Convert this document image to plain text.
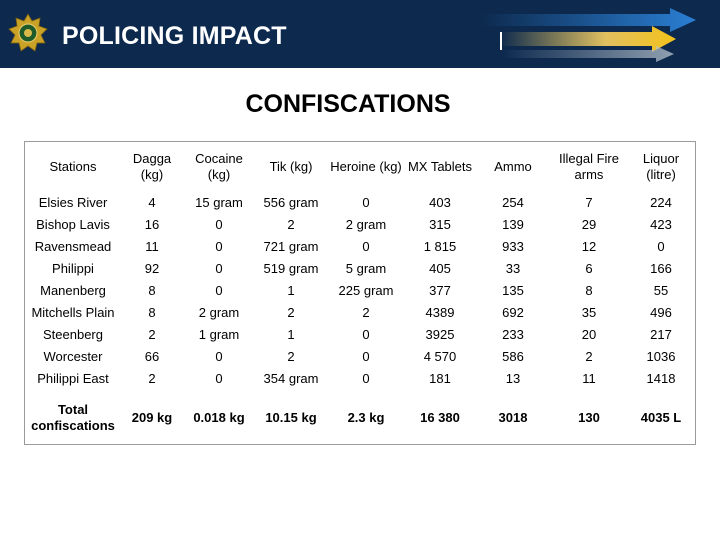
POLICING IMPACT
CONFISCATIONS
Stations	Dagga (kg)	Cocaine (kg)	Tik (kg)	Heroine (kg)	MX Tablets	Ammo	Illegal Fire arms	Liquor (litre)
Elsies River	4	15 gram	556 gram	0	403	254	7	224
Bishop Lavis	16	0	2	2 gram	315	139	29	423
Ravensmead	11	0	721 gram	0	1 815	933	12	0
Philippi	92	0	519 gram	5 gram	405	33	6	166
Manenberg	8	0	1	225 gram	377	135	8	55
Mitchells Plain	8	2 gram	2	2	4389	692	35	496
Steenberg	2	1 gram	1	0	3925	233	20	217
Worcester	66	0	2	0	4 570	586	2	1036
Philippi East	2	0	354 gram	0	181	13	11	1418
Total confiscations	209 kg	0.018 kg	10.15 kg	2.3 kg	16 380	3018	130	4035 L
